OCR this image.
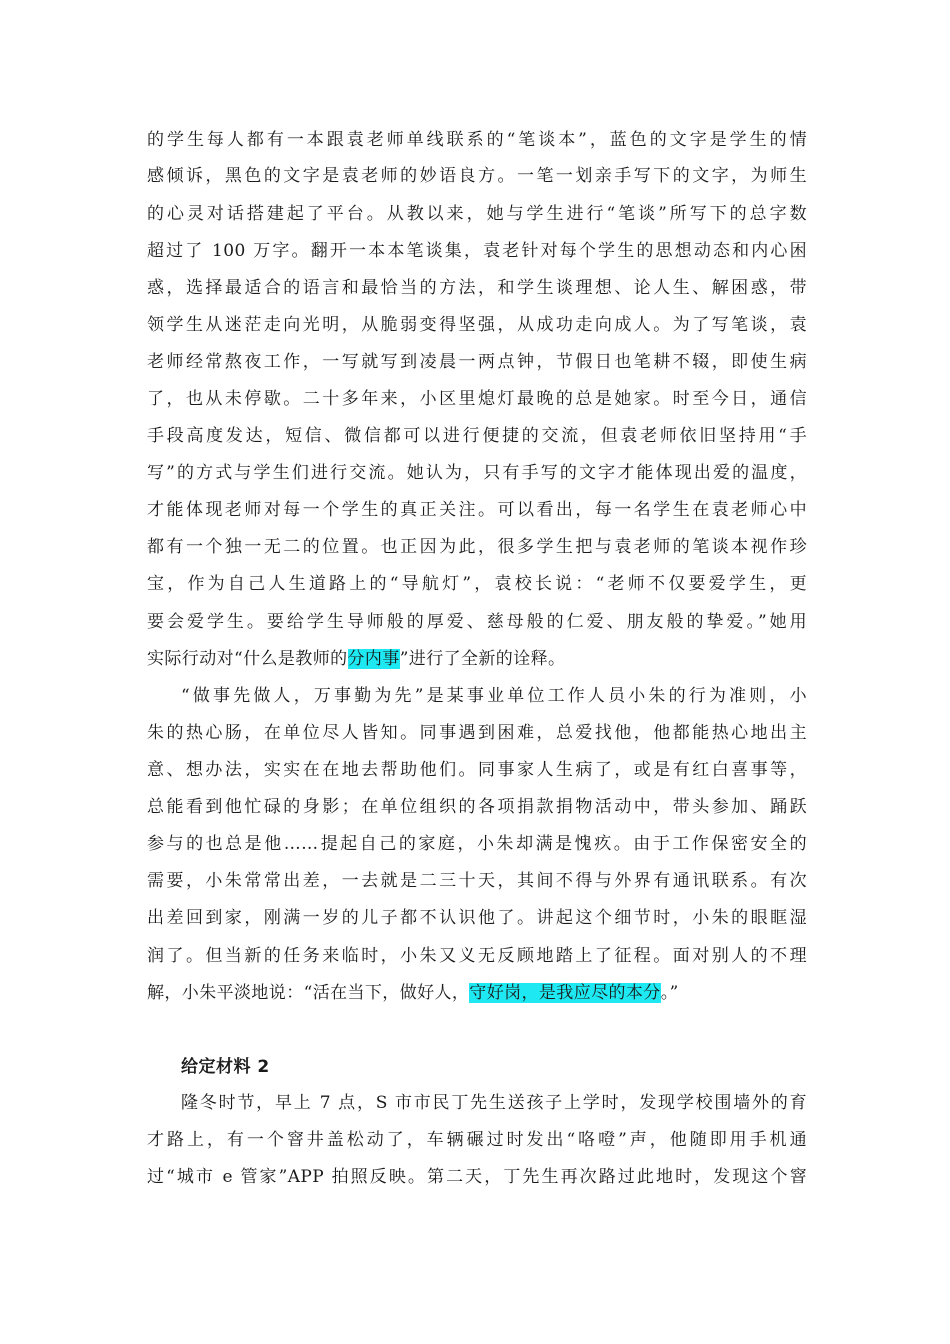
的学生每人都有一本跟袁老师单线联系的“笔谈本”，蓝色的文字是学生的情
感倾诉，黑色的文字是袁老师的妙语良方。一笔一划亲手写下的文字，为师生
的心灵对话搭建起了平台。从教以来，她与学生进行“笔谈”所写下的总字数
超过了 100 万字。翻开一本本笔谈集，袁老针对每个学生的思想动态和内心困
惑，选择最适合的语言和最恰当的方法，和学生谈理想、论人生、解困惑，带
领学生从迷茫走向光明，从脆弱变得坚强，从成功走向成人。为了写笔谈，袁
老师经常熬夜工作，一写就写到凌晨一两点钟，节假日也笔耕不辍，即使生病
了，也从未停歇。二十多年来，小区里熄灯最晚的总是她家。时至今日，通信
手段高度发达，短信、微信都可以进行便捷的交流，但袁老师依旧坚持用“手
写”的方式与学生们进行交流。她认为，只有手写的文字才能体现出爱的温度，
才能体现老师对每一个学生的真正关注。可以看出，每一名学生在袁老师心中
都有一个独一无二的位置。也正因为此，很多学生把与袁老师的笔谈本视作珍
宝，作为自己人生道路上的“导航灯”，袁校长说：“老师不仅要爱学生，更
要会爱学生。要给学生导师般的厚爱、慈母般的仁爱、朋友般的挚爱。”她用
实际行动对“什么是教师的分内事”进行了全新的诠释。
“做事先做人，万事勤为先”是某事业单位工作人员小朱的行为准则，小
朱的热心肠，在单位尽人皆知。同事遇到困难，总爱找他，他都能热心地出主
意、想办法，实实在在地去帮助他们。同事家人生病了，或是有红白喜事等，
总能看到他忙碌的身影；在单位组织的各项捐款捐物活动中，带头参加、踊跃
参与的也总是他……提起自己的家庭，小朱却满是愧疚。由于工作保密安全的
需要，小朱常常出差，一去就是二三十天，其间不得与外界有通讯联系。有次
出差回到家，刚满一岁的儿子都不认识他了。讲起这个细节时，小朱的眼眶湿
润了。但当新的任务来临时，小朱又义无反顾地踏上了征程。面对别人的不理
解，小朱平淡地说：“活在当下，做好人，守好岗，是我应尽的本分。”
给定材料 2
隆冬时节，早上 7 点，S 市市民丁先生送孩子上学时，发现学校围墙外的育
才路上，有一个窨井盖松动了，车辆碾过时发出“咯噔”声，他随即用手机通
过“城市 e 管家”APP 拍照反映。第二天，丁先生再次路过此地时，发现这个窨
